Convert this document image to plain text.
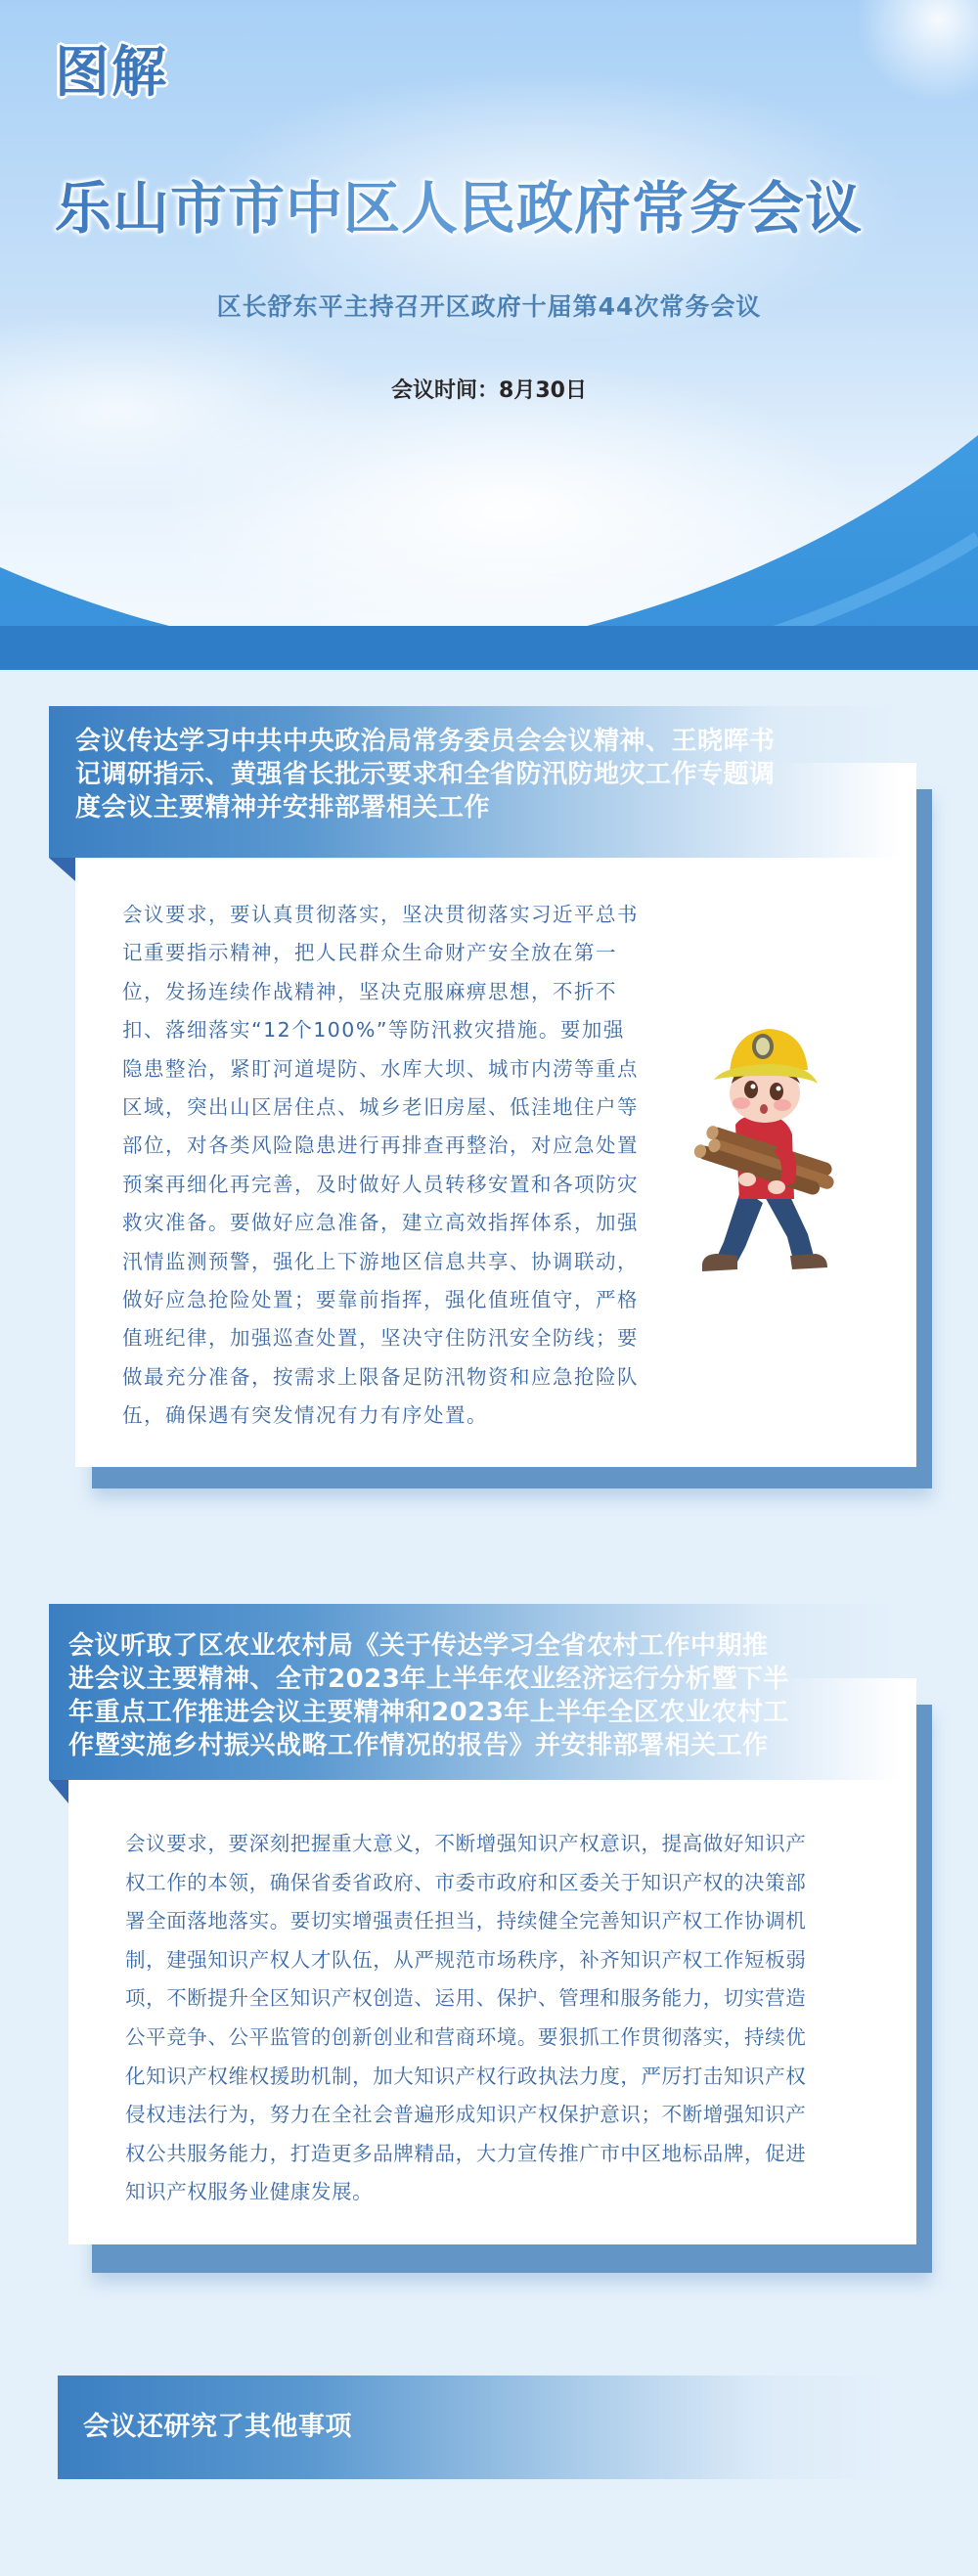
图解
乐山市市中区人民政府常务会议
区长舒东平主持召开区政府十届第44次常务会议
会议时间：8月30日
会议传达学习中共中央政治局常务委员会会议精神、王晓晖书
记调研指示、黄强省长批示要求和全省防汛防地灾工作专题调
度会议主要精神并安排部署相关工作

会议要求，要认真贯彻落实，坚决贯彻落实习近平总书

记重要指示精神，把人民群众生命财产安全放在第一

位，发扬连续作战精神，坚决克服麻痹思想，不折不

扣、落细落实“12个100%”等防汛救灾措施。要加强

隐患整治，紧盯河道堤防、水库大坝、城市内涝等重点

区域，突出山区居住点、城乡老旧房屋、低洼地住户等

部位，对各类风险隐患进行再排查再整治，对应急处置

预案再细化再完善，及时做好人员转移安置和各项防灾

救灾准备。要做好应急准备，建立高效指挥体系，加强

汛情监测预警，强化上下游地区信息共享、协调联动，

做好应急抢险处置；要靠前指挥，强化值班值守，严格

值班纪律，加强巡查处置，坚决守住防汛安全防线；要

做最充分准备，按需求上限备足防汛物资和应急抢险队

伍，确保遇有突发情况有力有序处置。

会议听取了区农业农村局《关于传达学习全省农村工作中期推
进会议主要精神、全市2023年上半年农业经济运行分析暨下半
年重点工作推进会议主要精神和2023年上半年全区农业农村工
作暨实施乡村振兴战略工作情况的报告》并安排部署相关工作

会议要求，要深刻把握重大意义，不断增强知识产权意识，提高做好知识产

权工作的本领，确保省委省政府、市委市政府和区委关于知识产权的决策部

署全面落地落实。要切实增强责任担当，持续健全完善知识产权工作协调机

制，建强知识产权人才队伍，从严规范市场秩序，补齐知识产权工作短板弱

项，不断提升全区知识产权创造、运用、保护、管理和服务能力，切实营造

公平竞争、公平监管的创新创业和营商环境。要狠抓工作贯彻落实，持续优

化知识产权维权援助机制，加大知识产权行政执法力度，严厉打击知识产权

侵权违法行为，努力在全社会普遍形成知识产权保护意识；不断增强知识产

权公共服务能力，打造更多品牌精品，大力宣传推广市中区地标品牌，促进

知识产权服务业健康发展。

会议还研究了其他事项
